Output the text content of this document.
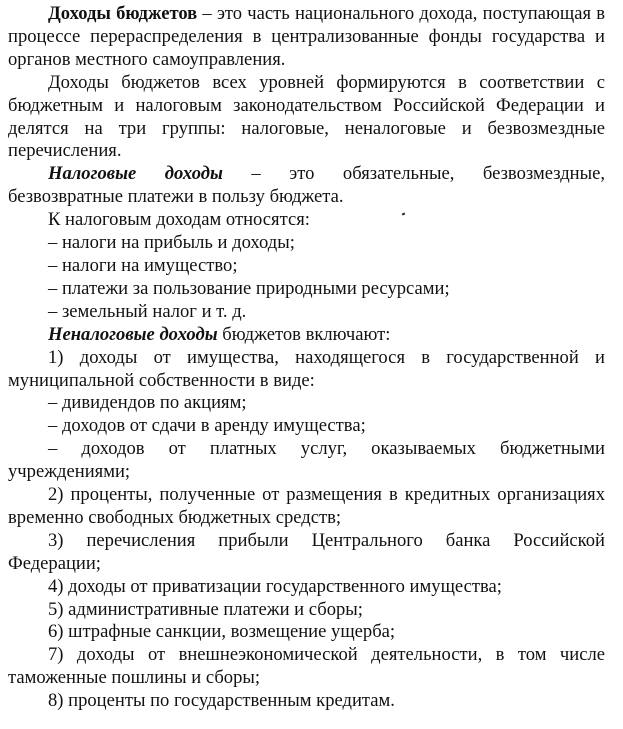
Доходы бюджетов – это часть национального дохода, поступающая в процессе перераспределения в централизованные фонды государства и органов местного самоуправления.

Доходы бюджетов всех уровней формируются в соответствии с бюджетным и налоговым законодательством Российской Федерации и делятся на три группы: налоговые, неналоговые и безвозмездные перечисления.

Налоговые доходы – это обязательные, безвозмездные, безвозвратные платежи в пользу бюджета.

К налоговым доходам относятся:

– налоги на прибыль и доходы;

– налоги на имущество;

– платежи за пользование природными ресурсами;

– земельный налог и т. д.

Неналоговые доходы бюджетов включают:

1) доходы от имущества, находящегося в государственной и муниципальной собственности в виде:

– дивидендов по акциям;

– доходов от сдачи в аренду имущества;

– доходов от платных услуг, оказываемых бюджетными учреждениями;

2) проценты, полученные от размещения в кредитных организациях временно свободных бюджетных средств;

3) перечисления прибыли Центрального банка Российской Федерации;

4) доходы от приватизации государственного имущества;

5) административные платежи и сборы;

6) штрафные санкции, возмещение ущерба;

7) доходы от внешнеэкономической деятельности, в том числе таможенные пошлины и сборы;

8) проценты по государственным кредитам.
